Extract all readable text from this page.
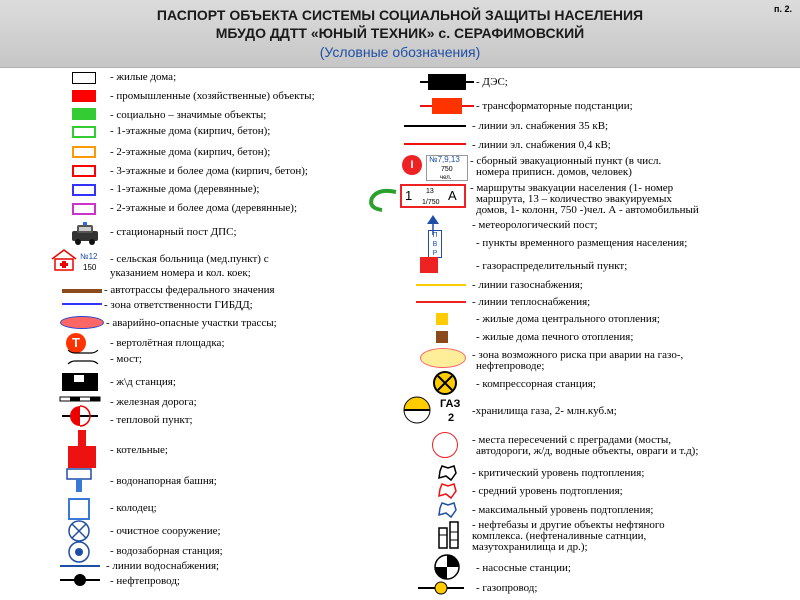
ПАСПОРТ ОБЪЕКТА СИСТЕМЫ СОЦИАЛЬНОЙ ЗАЩИТЫ НАСЕЛЕНИЯ
МБУДО ДДТТ «ЮНЫЙ ТЕХНИК» с. СЕРАФИМОВСКИЙ
(Условные обозначения)
п. 2.
- жилые дома;
- промышленные (хозяйственные) объекты;
- социально – значимые объекты;
- 1-этажные дома (кирпич, бетон);
- 2-этажные дома (кирпич, бетон);
- 3-этажные и более дома (кирпич, бетон);
- 1-этажные дома (деревянные);
- 2-этажные и более дома (деревянные);
- стационарный пост ДПС;
№12
150
- сельская больница (мед.пункт) с
указанием номера и кол. коек;
- автотрассы федерального значения
- зона ответственности ГИБДД;
- аварийно-опасные участки трассы;
Т	- вертолётная площадка;
- мост;
- ж\д станция;
- железная дорога;
- тепловой пункт;
- котельные;
- водонапорная башня;
- колодец;
- очистное сооружение;
- водозаборная станция;
- линии водоснабжения;
- нефтепровод;
- ДЭС;
- трансформаторные подстанции;
- линии эл. снабжения 35 кВ;
- линии эл. снабжения 0,4 кВ;
I	№7,9,13
750
чел.
- сборный эвакуационный пункт (в числ.
номера приписн. домов, человек)
1 13
1/750 А - маршруты эвакуации населения (1- номер
маршрута, 13 – количество эвакуируемых
домов, 1- колонн, 750 -)чел. А - автомобильный
- метеорологический пост;
П
В
Р
- пункты временного размещения населения;
- газораспределительный пункт;
- линии газоснабжения;
- линии теплоснабжения;
- жилые дома центрального отопления;
- жилые дома печного отопления;
- зона возможного риска при аварии на газо-,
нефтепроводе;
- компрессорная станция;
ГАЗ
2
-хранилища газа, 2- млн.куб.м;
- места пересечений с преградами (мосты,
автодороги, ж/д, водные объекты, овраги и т.д);
- критический уровень подтопления;
- средний уровень подтопления;
- максимальный уровень подтопления;
- нефтебазы и другие объекты нефтяного
комплекса. (нефтеналивные сатнции,
мазутохранилища и др.);
- насосные станции;
- газопровод;
